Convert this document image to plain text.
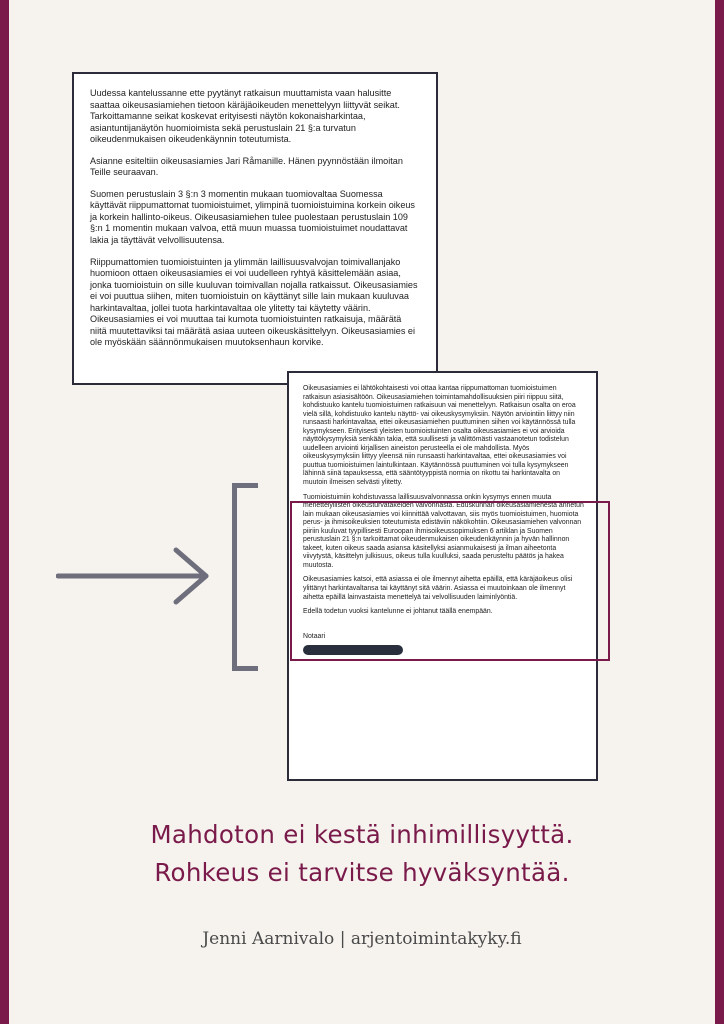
Uudessa kantelussanne ette pyytänyt ratkaisun muuttamista vaan halusitte saattaa oikeusasiamiehen tietoon käräjäoikeuden menettelyyn liittyvät seikat. Tarkoittamanne seikat koskevat erityisesti näytön kokonaisharkintaa, asiantuntijanäytön huomioimista sekä perustuslain 21 §:a turvatun oikeudenmukaisen oikeudenkäynnin toteutumista.

Asianne esiteltiin oikeusasiamies Jari Råmanille. Hänen pyynnöstään ilmoitan Teille seuraavan.

Suomen perustuslain 3 §:n 3 momentin mukaan tuomiovaltaa Suomessa käyttävät riippumattomat tuomioistuimet, ylimpinä tuomioistuimina korkein oikeus ja korkein hallinto-oikeus. Oikeusasiamiehen tulee puolestaan perustuslain 109 §:n 1 momentin mukaan valvoa, että muun muassa tuomioistuimet noudattavat lakia ja täyttävät velvollisuutensa.

Riippumattomien tuomioistuinten ja ylimmän laillisuusvalvojan toimivallanjako huomioon ottaen oikeusasiamies ei voi uudelleen ryhtyä käsittelemään asiaa, jonka tuomioistuin on sille kuuluvan toimivallan nojalla ratkaissut. Oikeusasiamies ei voi puuttua siihen, miten tuomioistuin on käyttänyt sille lain mukaan kuuluvaa harkintavaltaa, jollei tuota harkintavaltaa ole ylitetty tai käytetty väärin. Oikeusasiamies ei voi muuttaa tai kumota tuomioistuinten ratkaisuja, määrätä niitä muutettaviksi tai määrätä asiaa uuteen oikeuskäsittelyyn. Oikeusasiamies ei ole myöskään säännönmukaisen muutoksenhaun korvike.

Oikeusasiamies ei lähtökohtaisesti voi ottaa kantaa riippumattoman tuomioistuimen ratkaisun asiasisältöön. Oikeusasiamiehen toimintamahdollisuuksien piiri riippuu siitä, kohdistuuko kantelu tuomioistuimen ratkaisuun vai menettelyyn. Ratkaisun osalta on eroa vielä sillä, kohdistuuko kantelu näyttö- vai oikeuskysymyksiin. Näytön arviointiin liittyy niin runsaasti harkintavaltaa, ettei oikeusasiamiehen puuttuminen siihen voi käytännössä tulla kysymykseen. Erityisesti yleisten tuomioistuinten osalta oikeusasiamies ei voi arvioida näyttökysymyksiä senkään takia, että suullisesti ja välittömästi vastaanotetun todistelun uudelleen arviointi kirjallisen aineiston perusteella ei ole mahdollista. Myös oikeuskysymyksiin liittyy yleensä niin runsaasti harkintavaltaa, ettei oikeusasiamies voi puuttua tuomioistuimen laintulkintaan. Käytännössä puuttuminen voi tulla kysymykseen lähinnä siinä tapauksessa, että sääntötyyppistä normia on rikottu tai harkintavalta on muutoin ilmeisen selvästi ylitetty.

Tuomioistuimiin kohdistuvassa laillisuusvalvonnassa onkin kysymys ennen muuta menettelyllisten oikeusturvatakeiden valvonnasta. Eduskunnan oikeusasiamiehestä annetun lain mukaan oikeusasiamies voi kiinnittää valvottavan, siis myös tuomioistuimen, huomiota perus- ja ihmisoikeuksien toteutumista edistäviin näkökohtiin. Oikeusasiamiehen valvonnan piiriin kuuluvat tyypillisesti Euroopan ihmisoikeussopimuksen 6 artiklan ja Suomen perustuslain 21 §:n tarkoittamat oikeudenmukaisen oikeudenkäynnin ja hyvän hallinnon takeet, kuten oikeus saada asiansa käsitellyksi asianmukaisesti ja ilman aiheetonta viivytystä, käsittelyn julkisuus, oikeus tulla kuulluksi, saada perusteltu päätös ja hakea muutosta.

Oikeusasiamies katsoi, että asiassa ei ole ilmennyt aihetta epäillä, että käräjäoikeus olisi ylittänyt harkintavaltansa tai käyttänyt sitä väärin. Asiassa ei muutoinkaan ole ilmennyt aihetta epäillä lainvastaista menettelyä tai velvollisuuden laiminlyöntiä.

Edellä todetun vuoksi kantelunne ei johtanut täällä enempään.

Notaari

Mahdoton ei kestä inhimillisyyttä.
Rohkeus ei tarvitse hyväksyntää.
Jenni Aarnivalo | arjentoimintakyky.fi
